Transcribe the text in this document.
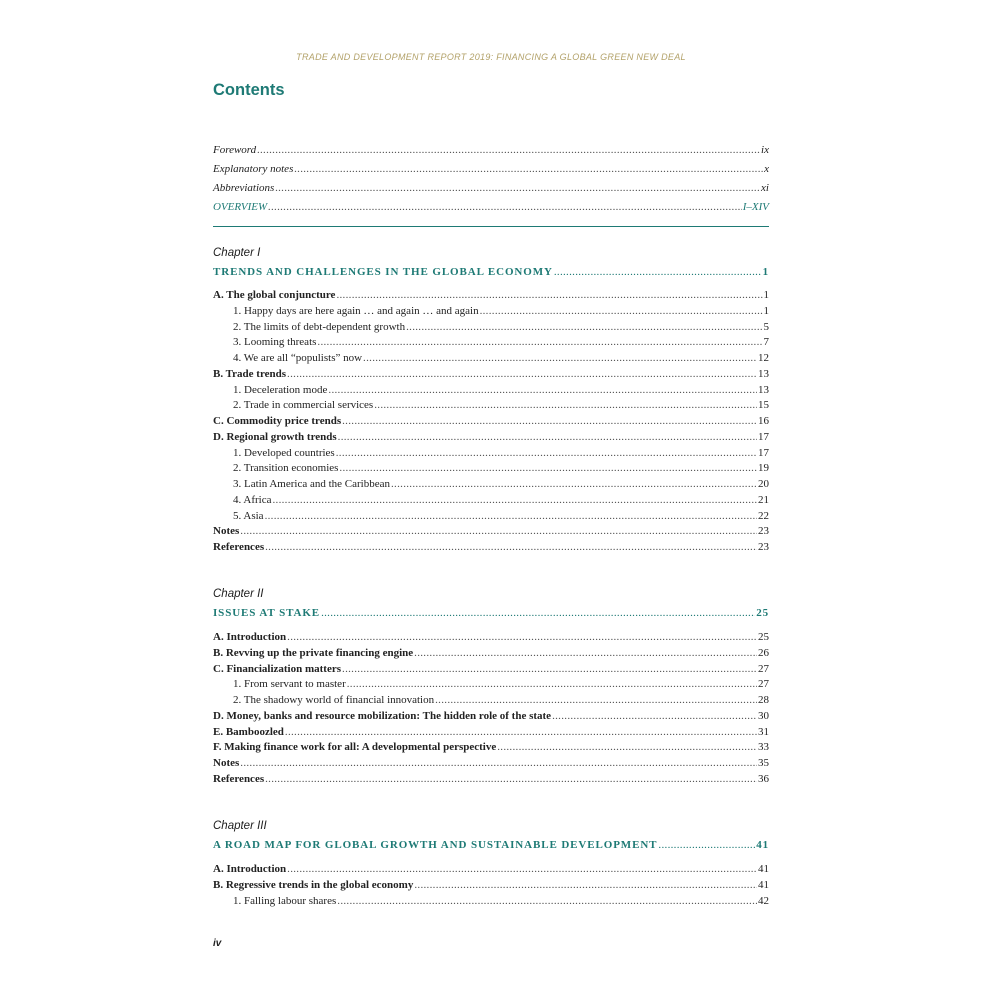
TRADE AND DEVELOPMENT REPORT 2019: FINANCING A GLOBAL GREEN NEW DEAL
Contents
Foreword .....	ix
Explanatory notes .....	x
Abbreviations .....	xi
OVERVIEW .....	I–XIV
Chapter I
TRENDS AND CHALLENGES IN THE GLOBAL ECONOMY .....	1
A. The global conjuncture .....	1
1. Happy days are here again … and again … and again .....	1
2. The limits of debt-dependent growth .....	5
3. Looming threats .....	7
4. We are all “populists” now .....	12
B. Trade trends .....	13
1. Deceleration mode .....	13
2. Trade in commercial services .....	15
C. Commodity price trends .....	16
D. Regional growth trends .....	17
1. Developed countries .....	17
2. Transition economies .....	19
3. Latin America and the Caribbean .....	20
4. Africa .....	21
5. Asia .....	22
Notes .....	23
References .....	23
Chapter II
ISSUES AT STAKE .....	25
A. Introduction .....	25
B. Revving up the private financing engine .....	26
C. Financialization matters .....	27
1. From servant to master .....	27
2. The shadowy world of financial innovation .....	28
D. Money, banks and resource mobilization: The hidden role of the state .....	30
E. Bamboozled .....	31
F. Making finance work for all: A developmental perspective .....	33
Notes .....	35
References .....	36
Chapter III
A ROAD MAP FOR GLOBAL GROWTH AND SUSTAINABLE DEVELOPMENT .....	41
A. Introduction .....	41
B. Regressive trends in the global economy .....	41
1. Falling labour shares .....	42
iv
